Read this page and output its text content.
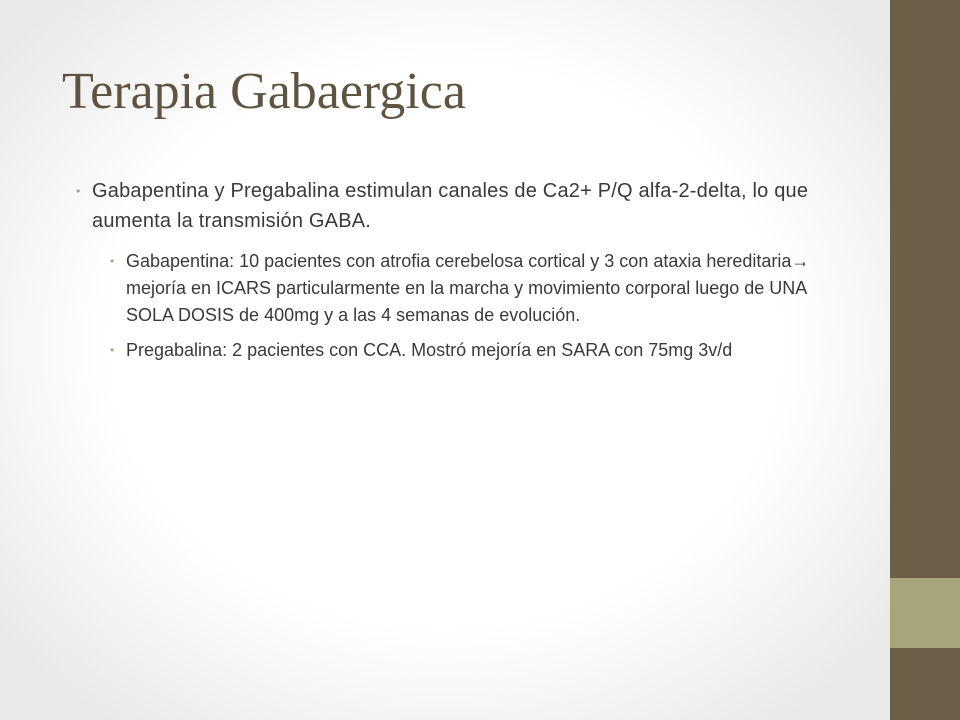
Terapia Gabaergica
• Gabapentina y Pregabalina estimulan canales de Ca2+ P/Q alfa-2-delta, lo que aumenta la transmisión GABA.
• Gabapentina: 10 pacientes con atrofia cerebelosa cortical y 3 con ataxia hereditaria→ mejoría en ICARS particularmente en la marcha y movimiento corporal luego de UNA SOLA DOSIS de 400mg y a las 4 semanas de evolución.
• Pregabalina: 2 pacientes con CCA. Mostró mejoría en SARA con 75mg 3v/d
